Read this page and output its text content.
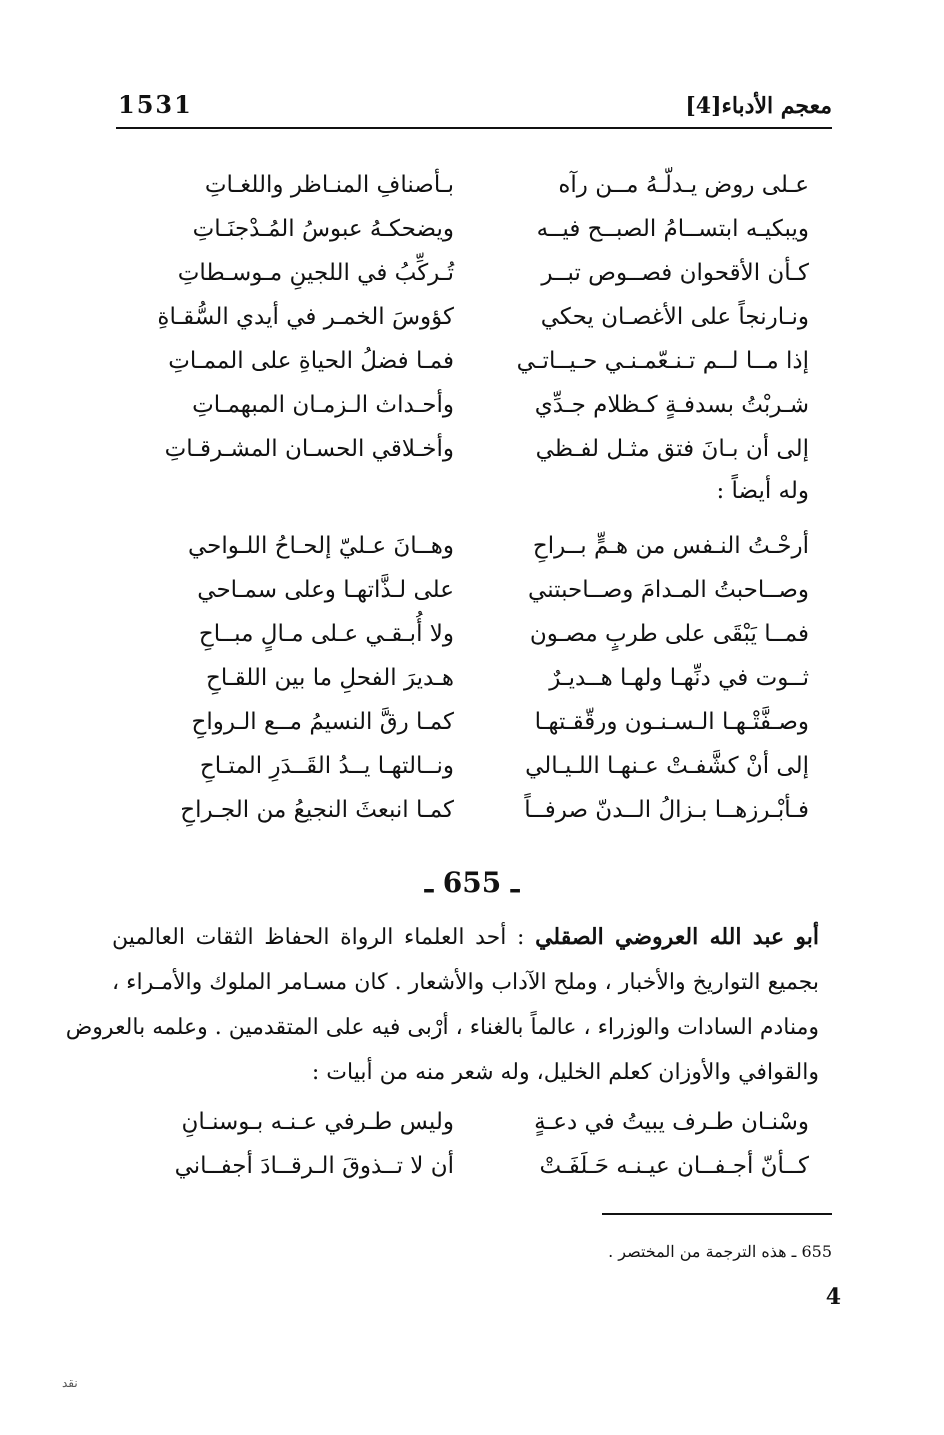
معجم الأدباء[4]
1531
عـلى روض يـدلّـهُ مــن رآه
بـأصنافِ المنـاظر واللغـاتِ
ويبكيـه ابتســامُ الصبــح فيــه
ويضحكـهُ عبوسُ المُـدْجنَـاتِ
كـأن الأقحوان فصــوص تبــر
تُـركِّبُ في اللجينِ مـوسـطاتِ
ونـارنجاً على الأغصـان يحكي
كؤوسَ الخمـر في أيدي السُّقـاةِ
إذا مــا لــم تـنـعّمـنـي حـيــاتـي
فمـا فضلُ الحياةِ على الممـاتِ
شـربْتُ بسدفـةٍ كـظلام جـدِّي
وأحـداث الـزمـان المبهمـاتِ
إلى أن بـانَ فتق مثـل لفـظي
وأخـلاقي الحسـان المشـرقـاتِ
وله أيضاً :
أرحْـتُ النـفس من هـمٍّ بــراحِ
وهــانَ عـليّ إلحـاحُ اللـواحي
وصــاحبتُ المـدامَ وصــاحبتني
على لـذَّاتهـا وعلى سمـاحي
فمــا يَبْقَى على طربٍ مصـون
ولا أُبـقـي عـلى مـالٍ مبــاحِ
ثــوت في دنِّهـا ولهـا هــديـرٌ
هـديرَ الفحلِ ما بين اللقـاحِ
وصـفَّتْـهـا الـسـنـون ورقّقـتهـا
كمـا رقَّ النسيمُ مــع الـرواحِ
إلى أنْ كشَّفـتْ عـنهـا اللـيـالي
ونــالتهـا يــدُ القَــدَرِ المتـاحِ
فـأبْـرزهــا بـزالُ الــدنّ صرفــاً
كمـا انبعثَ النجيعُ من الجـراحِ
ـ 655 ـ
أبو عبد الله العروضي الصقلي : أحد العلماء الرواة الحفاظ الثقات العالمين
بجميع التواريخ والأخبار ، وملح الآداب والأشعار . كان مسـامر الملوك والأمـراء ،
ومنادم السادات والوزراء ، عالماً بالغناء ، أرْبى فيه على المتقدمين . وعلمه بالعروض
والقوافي والأوزان كعلم الخليل، وله شعر منه من أبيات :
وسْنـان طـرف يبيتُ في دعـةٍ
وليس طـرفي عـنـه بـوسنـانِ
كــأنّ أجـفــان عيـنـه حَـلَفَـتْ
أن لا تــذوقَ الـرقــادَ أجفــاني
655 ـ هذه الترجمة من المختصر .
4
نقد
